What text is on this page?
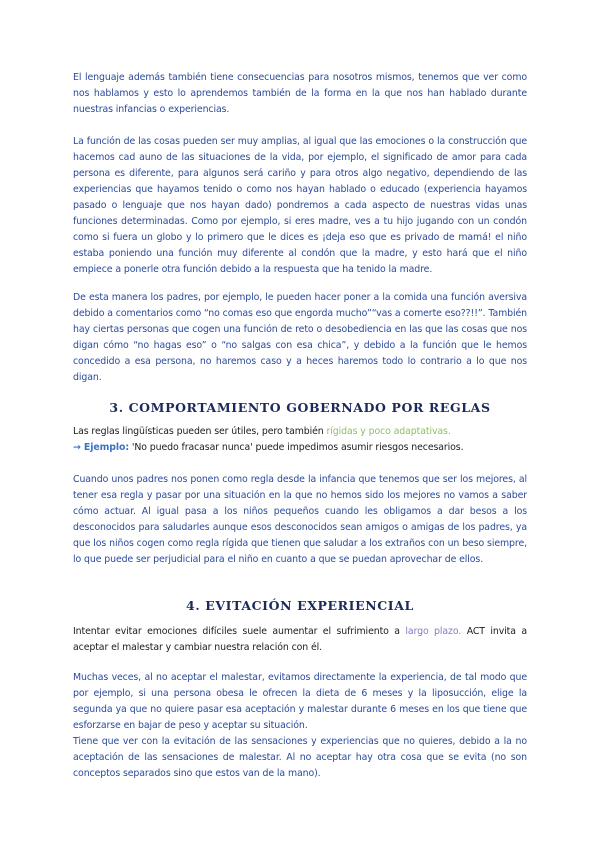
El lenguaje además también tiene consecuencias para nosotros mismos, tenemos que ver como nos hablamos y esto lo aprendemos también de la forma en la que nos han hablado durante nuestras infancias o experiencias.

La función de las cosas pueden ser muy amplias, al igual que las emociones o la construcción que hacemos cad auno de las situaciones de la vida, por ejemplo, el significado de amor para cada persona es diferente, para algunos será cariño y para otros algo negativo, dependiendo de las experiencias que hayamos tenido o como nos hayan hablado o educado (experiencia hayamos pasado o lenguaje que nos hayan dado) pondremos a cada aspecto de nuestras vidas unas funciones determinadas. Como por ejemplo, si eres madre, ves a tu hijo jugando con un condón como si fuera un globo y lo primero que le dices es ¡deja eso que es privado de mamá! el niño estaba poniendo una función muy diferente al condón que la madre, y esto hará que el niño empiece a ponerle otra función debido a la respuesta que ha tenido la madre.

De esta manera los padres, por ejemplo, le pueden hacer poner a la comida una función aversiva debido a comentarios como “no comas eso que engorda mucho”“vas a comerte eso??!!”. También hay ciertas personas que cogen una función de reto o desobediencia en las que las cosas que nos digan cómo “no hagas eso” o “no salgas con esa chica”, y debido a la función que le hemos concedido a esa persona, no haremos caso y a heces haremos todo lo contrario a lo que nos digan.

3. COMPORTAMIENTO GOBERNADO POR REGLAS

Las reglas lingüísticas pueden ser útiles, pero también rígidas y poco adaptativas.
→ Ejemplo: 'No puedo fracasar nunca' puede impedimos asumir riesgos necesarios.

Cuando unos padres nos ponen como regla desde la infancia que tenemos que ser los mejores, al tener esa regla y pasar por una situación en la que no hemos sido los mejores no vamos a saber cómo actuar. Al igual pasa a los niños pequeños cuando les obligamos a dar besos a los desconocidos para saludarles aunque esos desconocidos sean amigos o amigas de los padres, ya que los niños cogen como regla rígida que tienen que saludar a los extraños con un beso siempre, lo que puede ser perjudicial para el niño en cuanto a que se puedan aprovechar de ellos.

4. EVITACIÓN EXPERIENCIAL

Intentar evitar emociones difíciles suele aumentar el sufrimiento a largo plazo. ACT invita a aceptar el malestar y cambiar nuestra relación con él.

Muchas veces, al no aceptar el malestar, evitamos directamente la experiencia, de tal modo que por ejemplo, si una persona obesa le ofrecen la dieta de 6 meses y la liposucción, elige la segunda ya que no quiere pasar esa aceptación y malestar durante 6 meses en los que tiene que esforzarse en bajar de peso y aceptar su situación.

Tiene que ver con la evitación de las sensaciones y experiencias que no quieres, debido a la no aceptación de las sensaciones de malestar. Al no aceptar hay otra cosa que se evita (no son conceptos separados sino que estos van de la mano).
